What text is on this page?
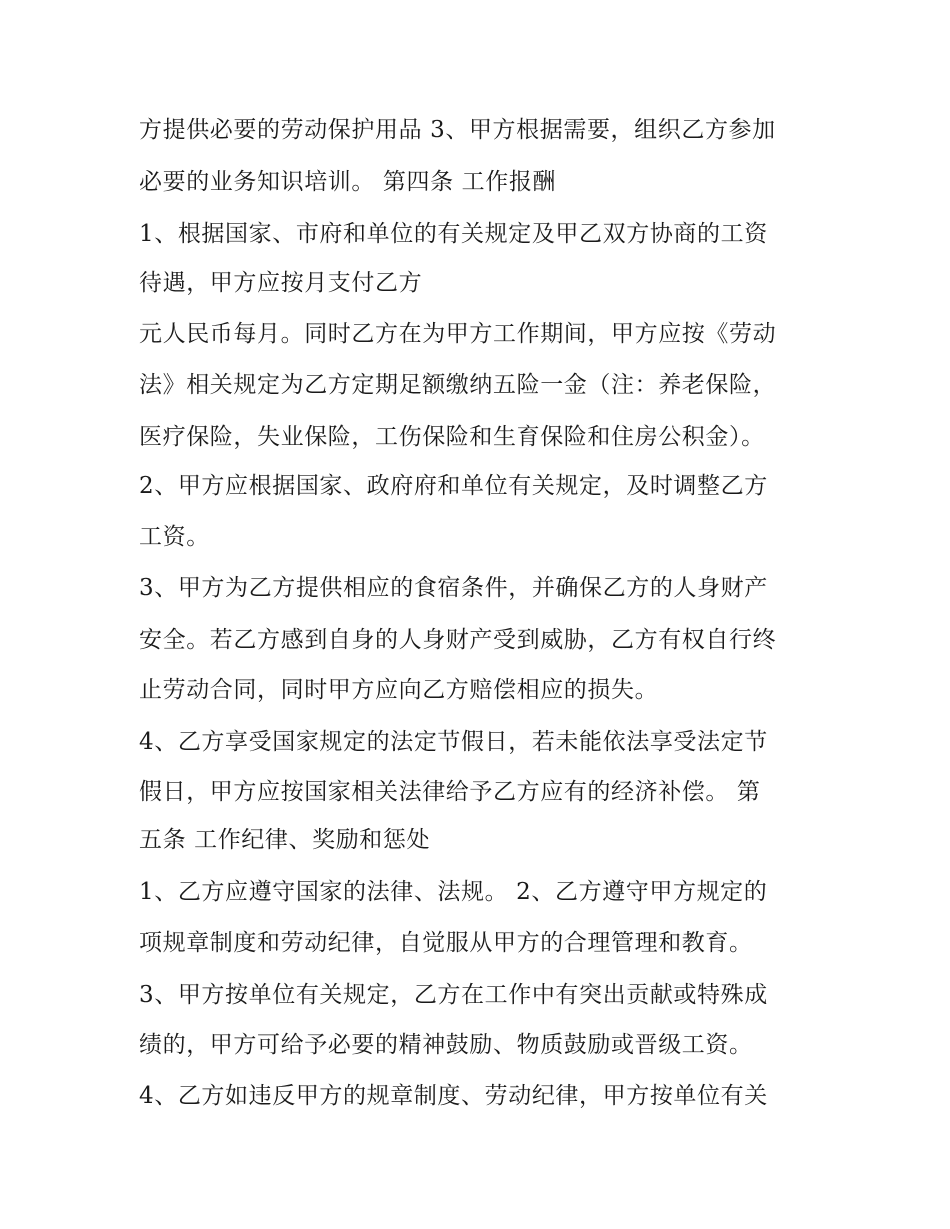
方提供必要的劳动保护用品 3、甲方根据需要，组织乙方参加
必要的业务知识培训。 第四条 工作报酬
1、根据国家、市府和单位的有关规定及甲乙双方协商的工资
待遇，甲方应按月支付乙方
元人民币每月。同时乙方在为甲方工作期间，甲方应按《劳动
法》相关规定为乙方定期足额缴纳五险一金（注：养老保险，
医疗保险，失业保险，工伤保险和生育保险和住房公积金）。
2、甲方应根据国家、政府府和单位有关规定，及时调整乙方
工资。
3、甲方为乙方提供相应的食宿条件，并确保乙方的人身财产
安全。若乙方感到自身的人身财产受到威胁，乙方有权自行终
止劳动合同，同时甲方应向乙方赔偿相应的损失。
4、乙方享受国家规定的法定节假日，若未能依法享受法定节
假日，甲方应按国家相关法律给予乙方应有的经济补偿。 第
五条 工作纪律、奖励和惩处
1、乙方应遵守国家的法律、法规。 2、乙方遵守甲方规定的
项规章制度和劳动纪律，自觉服从甲方的合理管理和教育。
3、甲方按单位有关规定，乙方在工作中有突出贡献或特殊成
绩的，甲方可给予必要的精神鼓励、物质鼓励或晋级工资。
4、乙方如违反甲方的规章制度、劳动纪律，甲方按单位有关
